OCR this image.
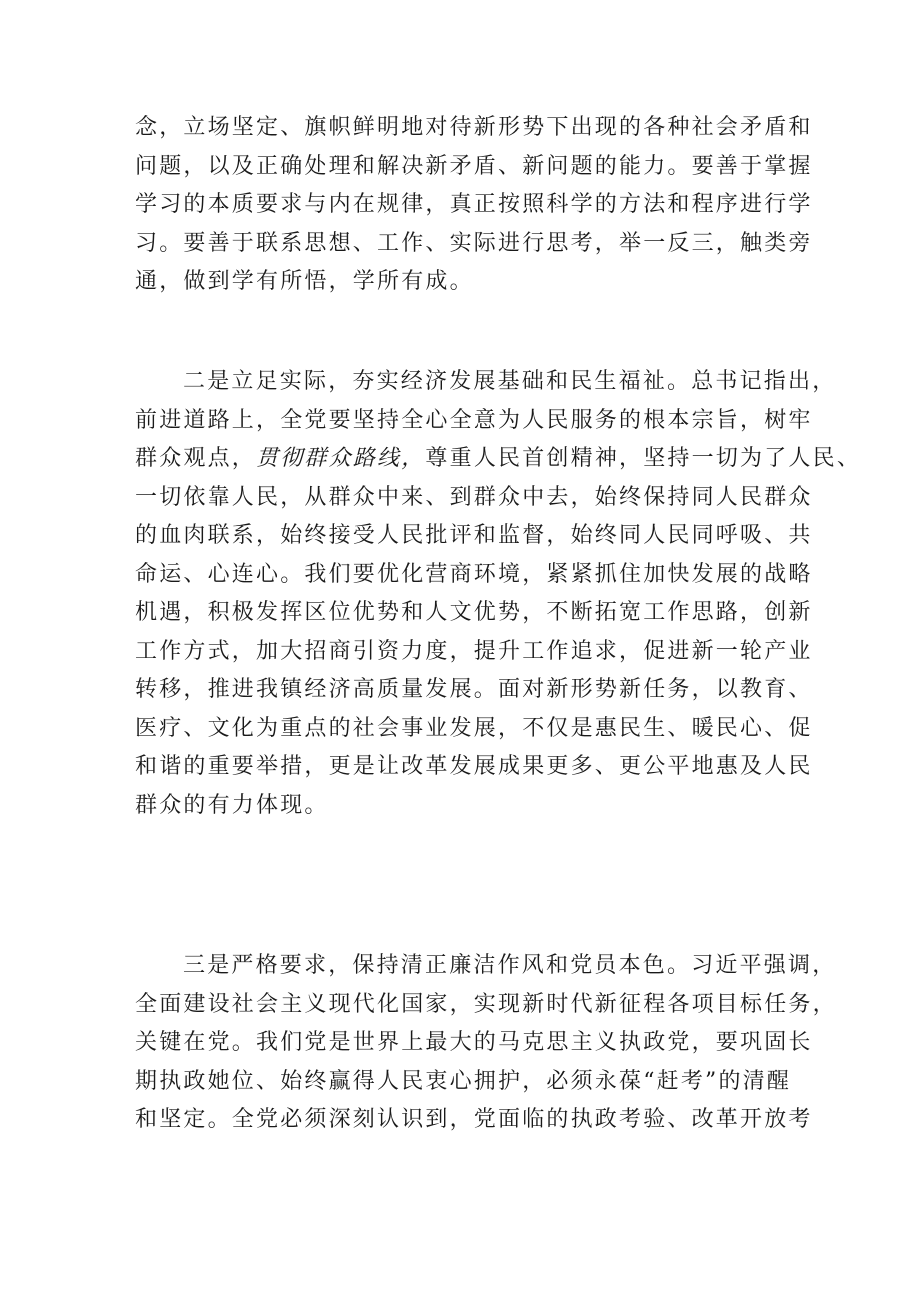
念，立场坚定、旗帜鲜明地对待新形势下出现的各种社会矛盾和
问题，以及正确处理和解决新矛盾、新问题的能力。要善于掌握
学习的本质要求与内在规律，真正按照科学的方法和程序进行学
习。要善于联系思想、工作、实际进行思考，举一反三，触类旁
通，做到学有所悟，学所有成。
二是立足实际，夯实经济发展基础和民生福祉。总书记指出，
前进道路上，全党要坚持全心全意为人民服务的根本宗旨，树牢
群众观点，贯彻群众路线，尊重人民首创精神，坚持一切为了人民、
一切依靠人民，从群众中来、到群众中去，始终保持同人民群众
的血肉联系，始终接受人民批评和监督，始终同人民同呼吸、共
命运、心连心。我们要优化营商环境，紧紧抓住加快发展的战略
机遇，积极发挥区位优势和人文优势，不断拓宽工作思路，创新
工作方式，加大招商引资力度，提升工作追求，促进新一轮产业
转移，推进我镇经济高质量发展。面对新形势新任务，以教育、
医疗、文化为重点的社会事业发展，不仅是惠民生、暖民心、促
和谐的重要举措，更是让改革发展成果更多、更公平地惠及人民
群众的有力体现。
三是严格要求，保持清正廉洁作风和党员本色。习近平强调，
全面建设社会主义现代化国家，实现新时代新征程各项目标任务，
关键在党。我们党是世界上最大的马克思主义执政党，要巩固长
期执政她位、始终赢得人民衷心拥护，必须永葆“赶考”的清醒
和坚定。全党必须深刻认识到，党面临的执政考验、改革开放考
